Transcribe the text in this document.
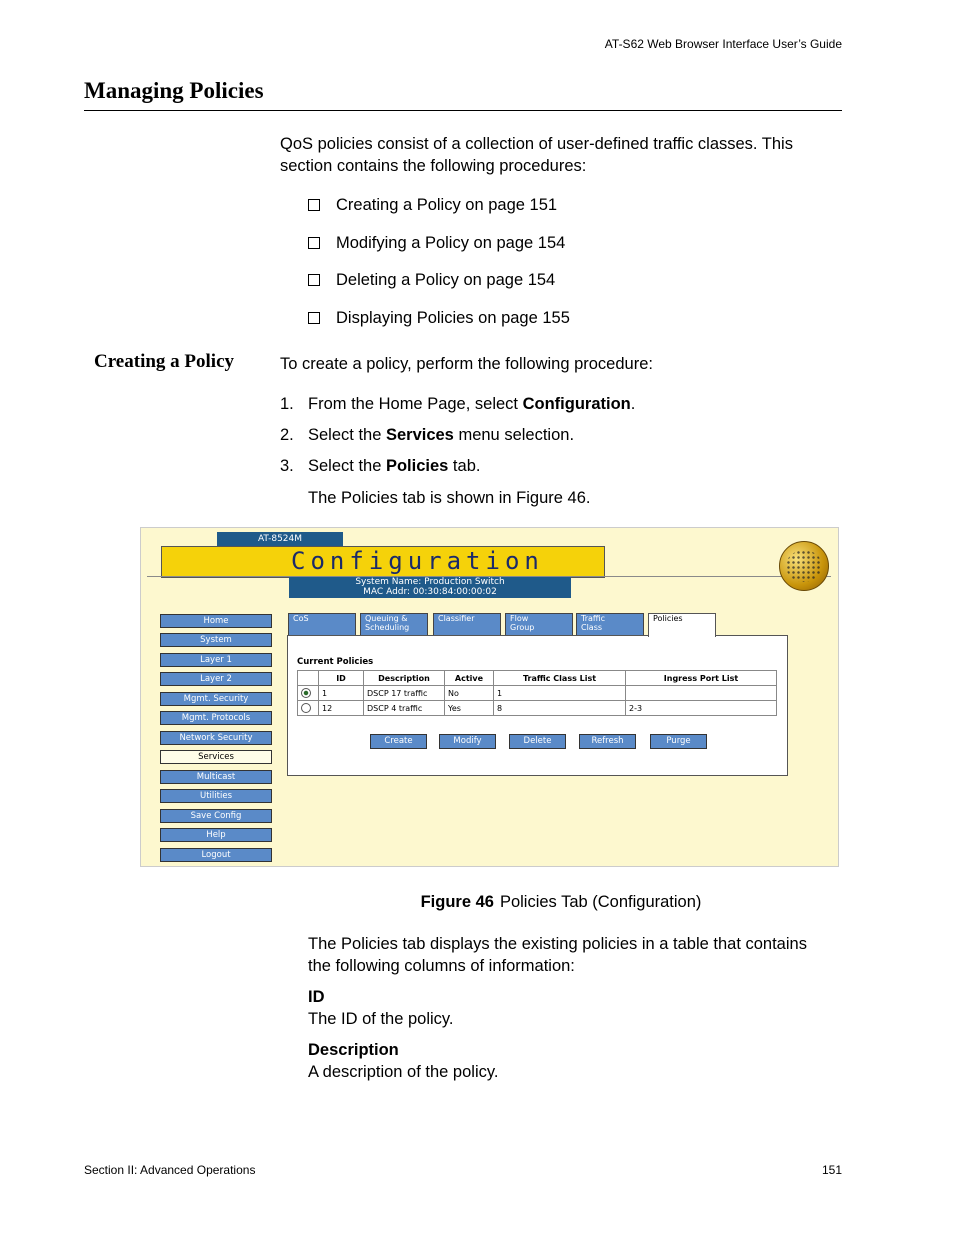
AT-S62 Web Browser Interface User’s Guide
Managing Policies
QoS policies consist of a collection of user-defined traffic classes. This section contains the following procedures:
Creating a Policy on page 151
Modifying a Policy on page 154
Deleting a Policy on page 154
Displaying Policies on page 155
Creating a Policy	To create a policy, perform the following procedure:
1. From the Home Page, select Configuration.
2. Select the Services menu selection.
3. Select the Policies tab.
The Policies tab is shown in Figure 46.
AT-8524M
Configuration
System Name: Production Switch
MAC Addr: 00:30:84:00:00:02
Home
System
Layer 1
Layer 2
Mgmt. Security
Mgmt. Protocols
Network Security
Services
Multicast
Utilities
Save Config
Help
Logout
CoS	Queuing &
Scheduling
Classifier	Flow
Group
Traffic
Class
Policies
Current Policies
	ID	Description	Active	Traffic Class List	Ingress Port List
	1	DSCP 17 traffic	No	1	
	12	DSCP 4 traffic	Yes	8	2-3
Create	Modify	Delete	Refresh	Purge
Figure 46 Policies Tab (Configuration)
The Policies tab displays the existing policies in a table that contains the following columns of information:
ID
The ID of the policy.
Description
A description of the policy.
Section II: Advanced Operations	151
